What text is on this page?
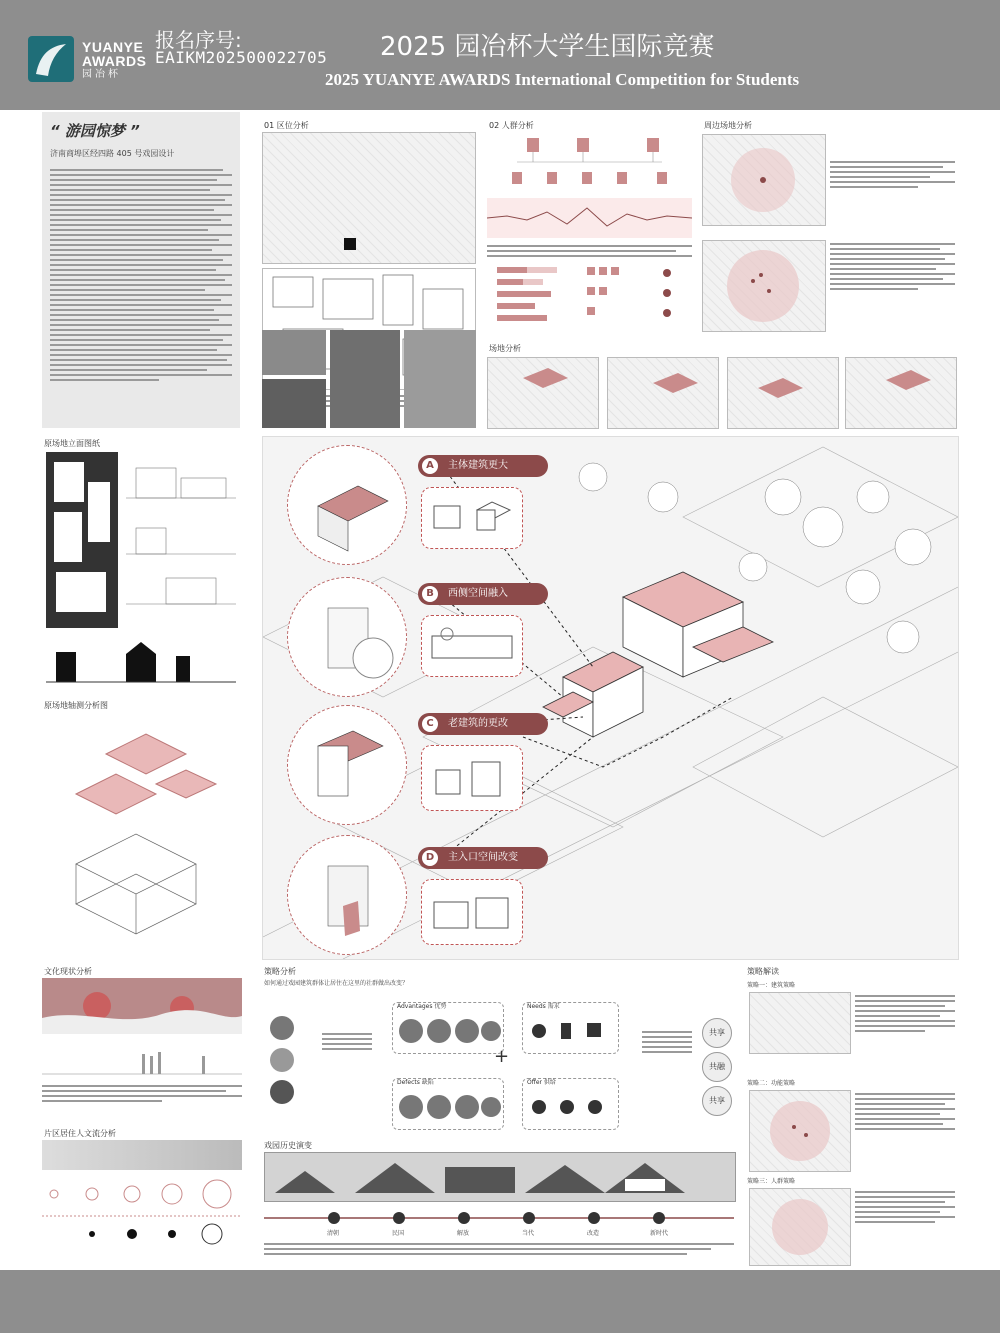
YUANYE
AWARDS
园冶杯
报名序号:
EAIKM202500022705 2025 园冶杯大学生国际竞赛
2025 YUANYE AWARDS International Competition for Students
“ 游园惊梦 ”
济南商埠区经四路 405 号戏园设计
01 区位分析	02 人群分析	周边场地分析
场地分析
原场地立面图纸
原场地轴测分析图
A	主体建筑更大
B	西侧空间融入
C	老建筑的更改
D	主入口空间改变
文化现状分析
片区居住人文流分析
策略分析
如何通过戏园建筑群体让居住在这里的社群做出改变？
Advantages 优势
Defects 缺陷
+
Needs 需求
Offer 供给
共享
共融
共享
戏园历史演变
清朝	民国	解放	当代	改造	新时代
策略解读
策略一：建筑策略
策略二：功能策略
策略三：人群策略
